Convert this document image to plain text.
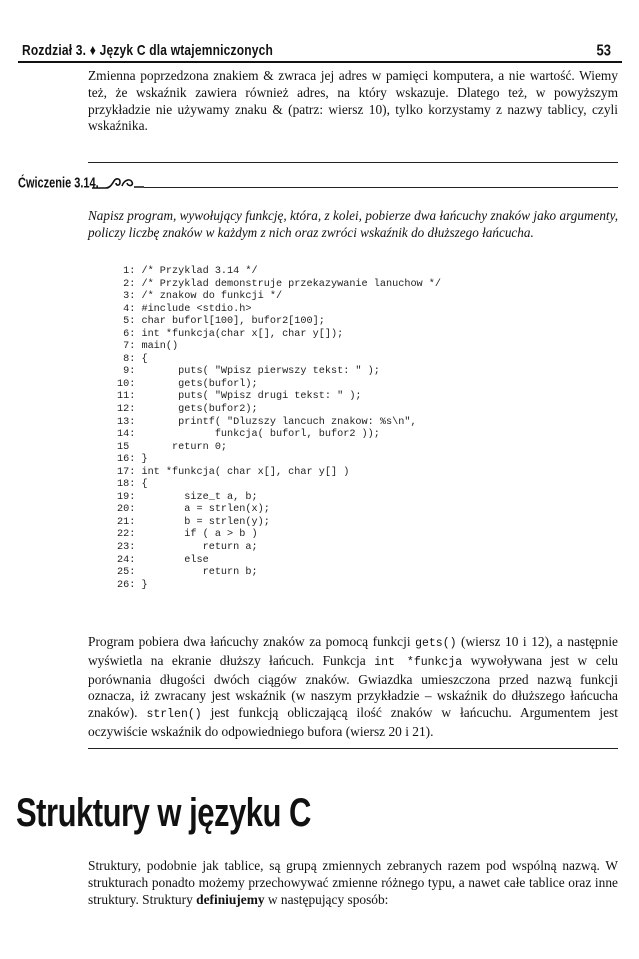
Rozdział 3. ♦ Język C dla wtajemniczonych	53
Zmienna poprzedzona znakiem & zwraca jej adres w pamięci komputera, a nie wartość. Wiemy też, że wskaźnik zawiera również adres, na który wskazuje. Dlatego też, w powyższym przykładzie nie używamy znaku & (patrz: wiersz 10), tylko korzystamy z nazwy tablicy, czyli wskaźnika.
Ćwiczenie 3.14.
Napisz program, wywołujący funkcję, która, z kolei, pobierze dwa łańcuchy znaków jako argumenty, policzy liczbę znaków w każdym z nich oraz zwróci wskaźnik do dłuższego łańcucha.
1: /* Przyklad 3.14 */
2: /* Przyklad demonstruje przekazywanie lanuchow */
3: /* znakow do funkcji */
4: #include <stdio.h>
5: char buforl[100], bufor2[100];
6: int *funkcja(char x[], char y[]);
7: main()
8: {
9:       puts( "Wpisz pierwszy tekst: " );
10:       gets(buforl);
11:       puts( "Wpisz drugi tekst: " );
12:       gets(bufor2);
13:       printf( "Dluzszy lancuch znakow: %s\n",
14:             funkcja( buforl, bufor2 ));
15       return 0;
16: }
17: int *funkcja( char x[], char y[] )
18: {
19:        size_t a, b;
20:        a = strlen(x);
21:        b = strlen(y);
22:        if ( a > b )
23:           return a;
24:        else
25:           return b;
26: }
Program pobiera dwa łańcuchy znaków za pomocą funkcji gets() (wiersz 10 i 12), a następnie wyświetla na ekranie dłuższy łańcuch. Funkcja int *funkcja wywoływana jest w celu porównania długości dwóch ciągów znaków. Gwiazdka umieszczona przed nazwą funkcji oznacza, iż zwracany jest wskaźnik (w naszym przykładzie – wskaźnik do dłuższego łańcucha znaków). strlen() jest funkcją obliczającą ilość znaków w łańcuchu. Argumentem jest oczywiście wskaźnik do odpowiedniego bufora (wiersz 20 i 21).
Struktury w języku C
Struktury, podobnie jak tablice, są grupą zmiennych zebranych razem pod wspólną nazwą. W strukturach ponadto możemy przechowywać zmienne różnego typu, a nawet całe tablice oraz inne struktury. Struktury definiujemy w następujący sposób:
